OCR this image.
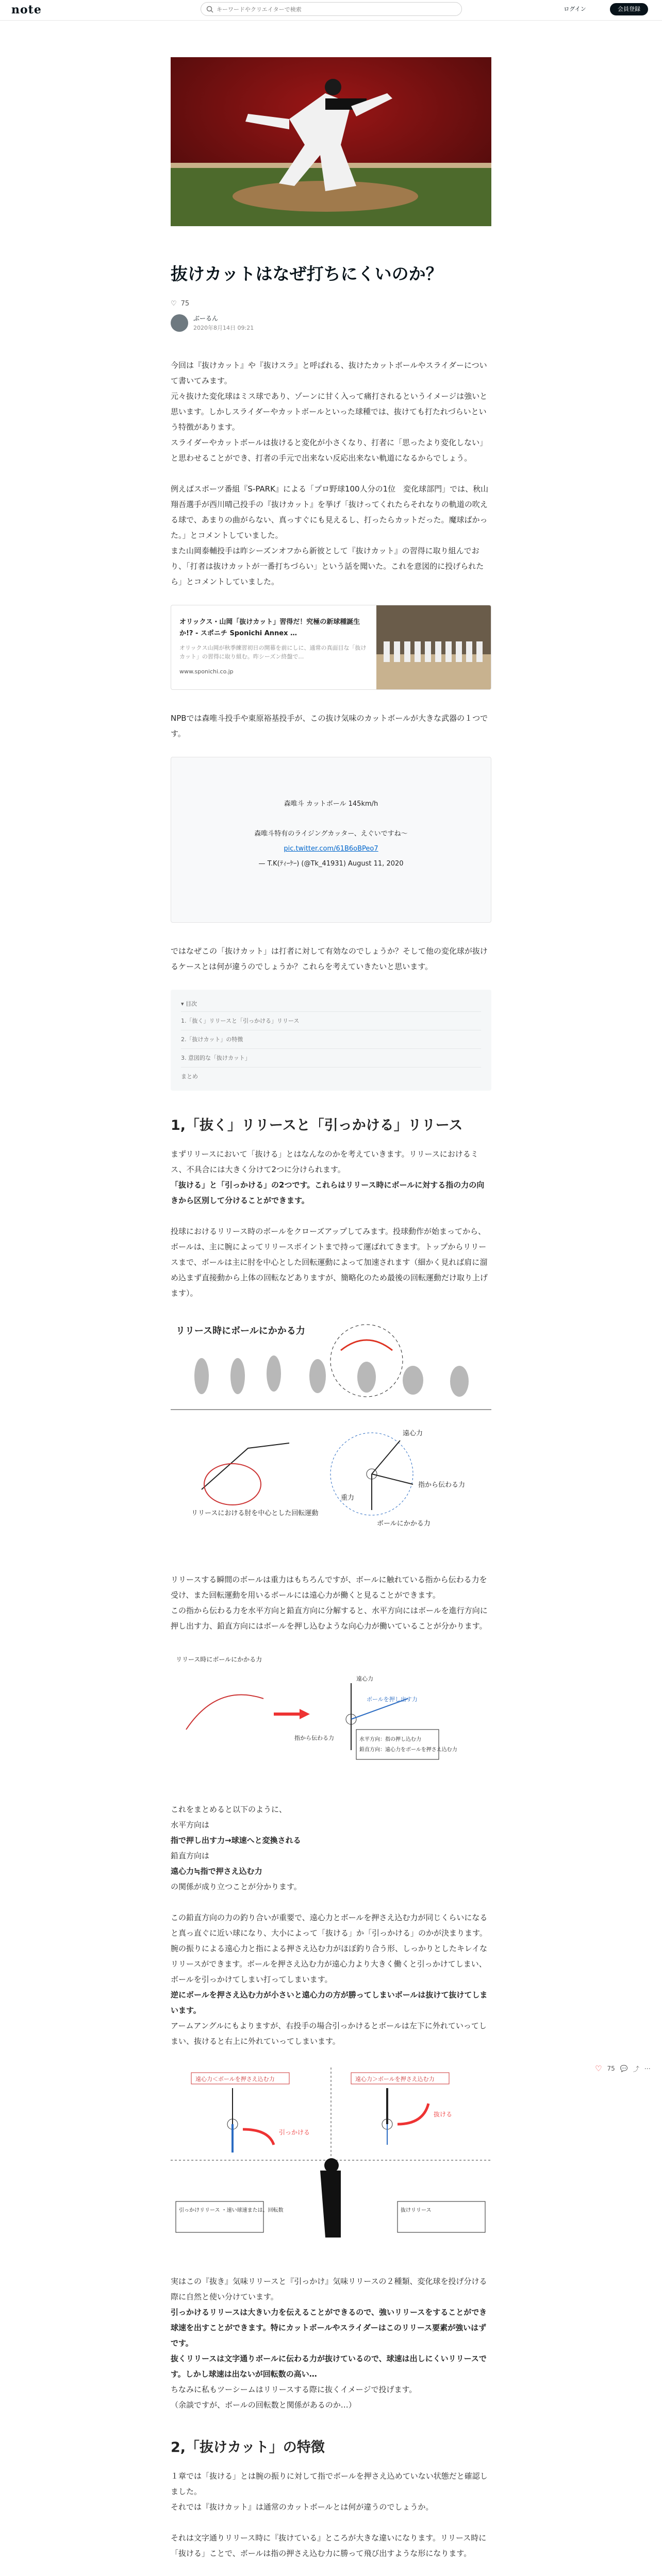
note
キーワードやクリエイターで検索	ログイン	会員登録
抜けカットはなぜ打ちにくいのか？
♡ 75
ぶーるん
2020年8月14日 09:21

今回は『抜けカット』や『抜けスラ』と呼ばれる、抜けたカットボールやスライダーについて書いてみます。
元々抜けた変化球はミス球であり、ゾーンに甘く入って痛打されるというイメージは強いと思います。しかしスライダーやカットボールといった球種では、抜けても打たれづらいという特徴があります。
スライダーやカットボールは抜けると変化が小さくなり、打者に「思ったより変化しない」と思わせることができ、打者の手元で出来ない反応出来ない軌道になるからでしょう。

例えばスポーツ番組『S-PARK』による「プロ野球100人分の1位　変化球部門」では、秋山翔吾選手が西川晴己投手の『抜けカット』を挙げ「抜けってくれたらそれなりの軌道の吹える球で、あまりの曲がらない、真っすぐにも見えるし、打ったらカットだった。魔球ばかった。」とコメントしていました。
また山岡泰輔投手は昨シーズンオフから新彼として『抜けカット』の習得に取り組んでおり、「打者は抜けカットが一番打ちづらい」という話を聞いた。これを意図的に投げられたら」とコメントしていました。

オリックス・山岡「抜けカット」習得だ！究極の新球種誕生か!? - スポニチ Sponichi Annex …
オリックス山岡が秋季練習初日の開幕を前にしに、通常の真面目な「抜けカット」の習得に取り組む。昨シーズン終盤で…
www.sponichi.co.jp

NPBでは森唯斗投手や東原裕基投手が、この抜け気味のカットボールが大きな武器の１つです。

森唯斗 カットボール 145km/h

森唯斗特有のライジングカッター、えぐいですね〜
pic.twitter.com/61B6oBPeo7
— T.K(ﾃｨｰｹｰ) (@Tk_41931) August 11, 2020

ではなぜこの「抜けカット」は打者に対して有効なのでしょうか？そして他の変化球が抜けるケースとは何が違うのでしょうか？これらを考えていきたいと思います。

▾ 目次
1.「抜く」リリースと「引っかける」リリース
2.「抜けカット」の特徴
3. 意図的な「抜けカット」
まとめ
1,「抜く」リリースと「引っかける」リリース

まずリリースにおいて「抜ける」とはなんなのかを考えていきます。リリースにおけるミス、不具合には大きく分けて2つに分けられます。
「抜ける」と「引っかける」の2つです。これらはリリース時にボールに対する指の力の向きから区別して分けることができます。

投球におけるリリース時のボールをクローズアップしてみます。投球動作が始まってから、ボールは、主に腕によってリリースポイントまで持って運ばれてきます。トップからリリースまで、ボールは主に肘を中心とした回転運動によって加速されます（細かく見れば肩に溜め込まず直接動から上体の回転などありますが、簡略化のため最後の回転運動だけ取り上げます）。

リリース時にボールにかかる力
リリースにおける肘を中心とした回転運動
遠心力
重力
指から伝わる力
ボールにかかる力

リリースする瞬間のボールは重力はもちろんですが、ボールに触れている指から伝わる力を受け、また回転運動を用いるボールには遠心力が働くと見ることができます。
この指から伝わる力を水平方向と鉛直方向に分解すると、水平方向にはボールを進行方向に押し出す力、鉛直方向にはボールを押し込むような向心力が働いていることが分かります。

リリース時にボールにかかる力
ボールを押し出す力
遠心力
指から伝わる力	水平方向：指の押し込む力
鉛直方向：遠心力をボールを押さえ込む力

これをまとめると以下のように、
水平方向は
指で押し出す力→球速へと変換される
鉛直方向は
遠心力≒指で押さえ込む力
の関係が成り立つことが分かります。

この鉛直方向の力の釣り合いが重要で、遠心力とボールを押さえ込む力が同じくらいになると真っ直ぐに近い球になり、大小によって「抜ける」か「引っかける」のかが決まります。
腕の振りによる遠心力と指による押さえ込む力がほぼ釣り合う形、しっかりとしたキレイなリリースができます。ボールを押さえ込む力が遠心力より大きく働くと引っかけてしまい、ボールを引っかけてしまい打ってしまいます。
逆にボールを押さえ込む力が小さいと遠心力の方が勝ってしまいボールは抜けて抜けてしまいます。
アームアングルにもよりますが、右投手の場合引っかけるとボールは左下に外れていってしまい、抜けると右上に外れていってしまいます。

遠心力＜ボールを押さえ込む力	遠心力＞ボールを押さえ込む力
引っかける
抜ける
引っかけリリース ・速い球速または、回転数	抜けリリース

実はこの『抜き』気味リリースと『引っかけ』気味リリースの２種類、変化球を投げ分ける際に自然と使い分けています。
引っかけるリリースは大きい力を伝えることができるので、強いリリースをすることができ球速を出すことができます。特にカットボールやスライダーはこのリリース要素が強いはずです。
抜くリリースは文字通りボールに伝わる力が抜けているので、球速は出しにくいリリースです。しかし球速は出ないが回転数の高い…
ちなみに私もツーシームはリリースする際に抜くイメージで投げます。
（余談ですが、ボールの回転数と関係があるのか…）

2,「抜けカット」の特徴

１章では「抜ける」とは腕の振りに対して指でボールを押さえ込めていない状態だと確認しました。
それでは『抜けカット』は通常のカットボールとは何が違うのでしょうか。

それは文字通りリリース時に『抜けている』ところが大きな違いになります。リリース時に「抜ける」ことで、ボールは指の押さえ込む力に勝って飛び出すような形になります。

♡ 75 💬 ⤴ ⋯
